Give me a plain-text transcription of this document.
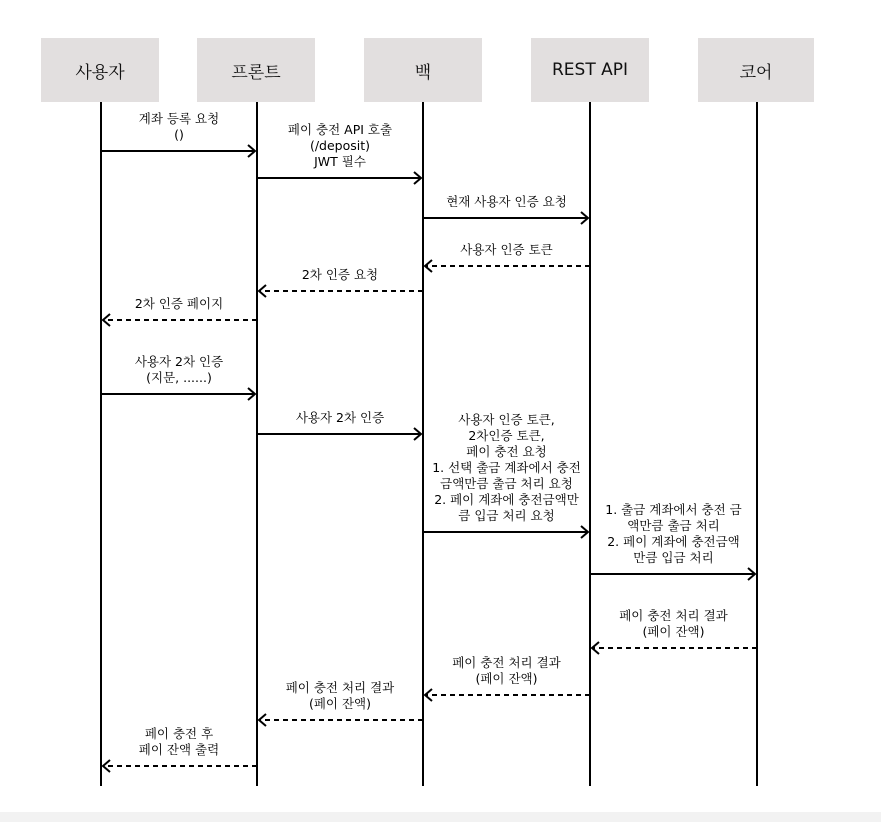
사용자	프론트	백	REST API	코어
계좌 등록 요청
()	페이 충전 API 호출
(/deposit)
JWT 필수
현재 사용자 인증 요청
사용자 인증 토큰
2차 인증 요청
2차 인증 페이지
사용자 2차 인증
(지문, ......)
사용자 2차 인증	사용자 인증 토큰,
2차인증 토큰,
페이 충전 요청
1. 선택 출금 계좌에서 충전
금액만큼 출금 처리 요청
2. 페이 계좌에 충전금액만
큼 입금 처리 요청	1. 출금 계좌에서 충전 금
액만큼 출금 처리
2. 페이 계좌에 충전금액
만큼 입금 처리
페이 충전 처리 결과
(페이 잔액)
페이 충전 처리 결과
(페이 잔액)
페이 충전 처리 결과
(페이 잔액)
페이 충전 후
페이 잔액 출력
